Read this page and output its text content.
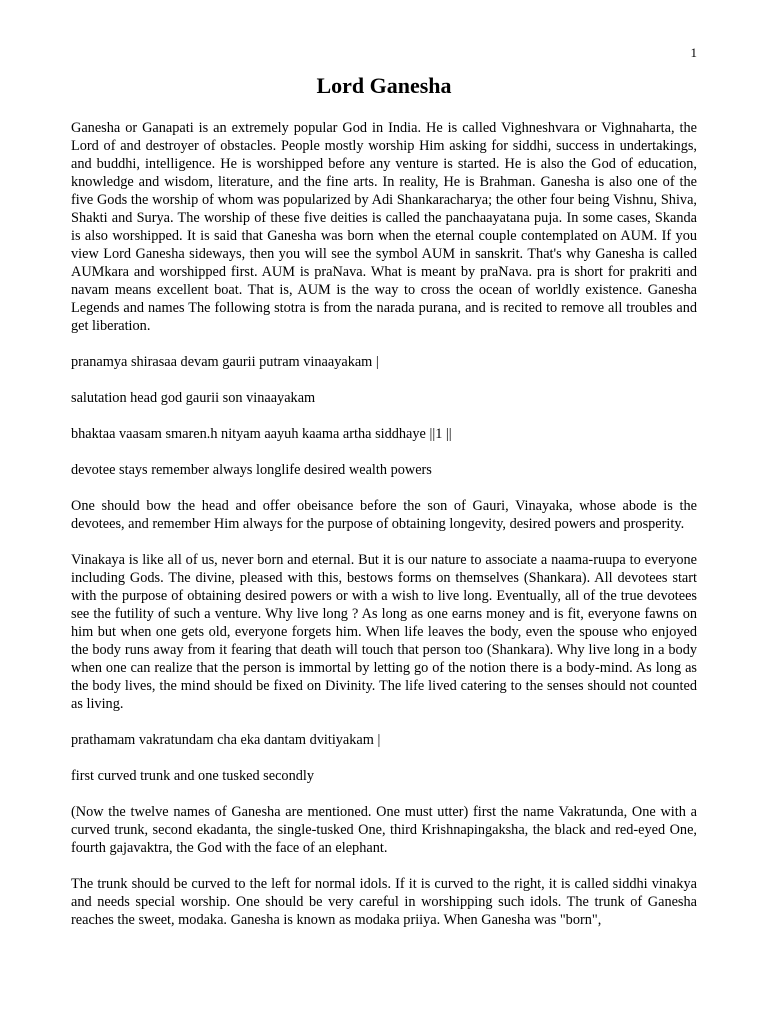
1
Lord Ganesha

Ganesha or Ganapati is an extremely popular God in India. He is called Vighneshvara or Vighnaharta, the Lord of and destroyer of obstacles. People mostly worship Him asking for siddhi, success in undertakings, and buddhi, intelligence. He is worshipped before any venture is started. He is also the God of education, knowledge and wisdom, literature, and the fine arts. In reality, He is Brahman. Ganesha is also one of the five Gods the worship of whom was popularized by Adi Shankaracharya; the other four being Vishnu, Shiva, Shakti and Surya. The worship of these five deities is called the panchaayatana puja. In some cases, Skanda is also worshipped. It is said that Ganesha was born when the eternal couple contemplated on AUM. If you view Lord Ganesha sideways, then you will see the symbol AUM in sanskrit. That's why Ganesha is called AUMkara and worshipped first. AUM is praNava. What is meant by praNava. pra is short for prakriti and navam means excellent boat. That is, AUM is the way to cross the ocean of worldly existence. Ganesha Legends and names The following stotra is from the narada purana, and is recited to remove all troubles and get liberation.

pranamya shirasaa devam gaurii putram vinaayakam |

salutation head god gaurii son vinaayakam

bhaktaa vaasam smaren.h nityam aayuh kaama artha siddhaye ||1 ||

devotee stays remember always longlife desired wealth powers

One should bow the head and offer obeisance before the son of Gauri, Vinayaka, whose abode is the devotees, and remember Him always for the purpose of obtaining longevity, desired powers and prosperity.

Vinakaya is like all of us, never born and eternal. But it is our nature to associate a naama-ruupa to everyone including Gods. The divine, pleased with this, bestows forms on themselves (Shankara). All devotees start with the purpose of obtaining desired powers or with a wish to live long. Eventually, all of the true devotees see the futility of such a venture. Why live long ? As long as one earns money and is fit, everyone fawns on him but when one gets old, everyone forgets him. When life leaves the body, even the spouse who enjoyed the body runs away from it fearing that death will touch that person too (Shankara). Why live long in a body when one can realize that the person is immortal by letting go of the notion there is a body-mind. As long as the body lives, the mind should be fixed on Divinity. The life lived catering to the senses should not counted as living.

prathamam vakratundam cha eka dantam dvitiyakam |

first curved trunk and one tusked secondly

(Now the twelve names of Ganesha are mentioned. One must utter) first the name Vakratunda, One with a curved trunk, second ekadanta, the single-tusked One, third Krishnapingaksha, the black and red-eyed One, fourth gajavaktra, the God with the face of an elephant.

The trunk should be curved to the left for normal idols. If it is curved to the right, it is called siddhi vinakya and needs special worship. One should be very careful in worshipping such idols. The trunk of Ganesha reaches the sweet, modaka. Ganesha is known as modaka priiya. When Ganesha was "born",
